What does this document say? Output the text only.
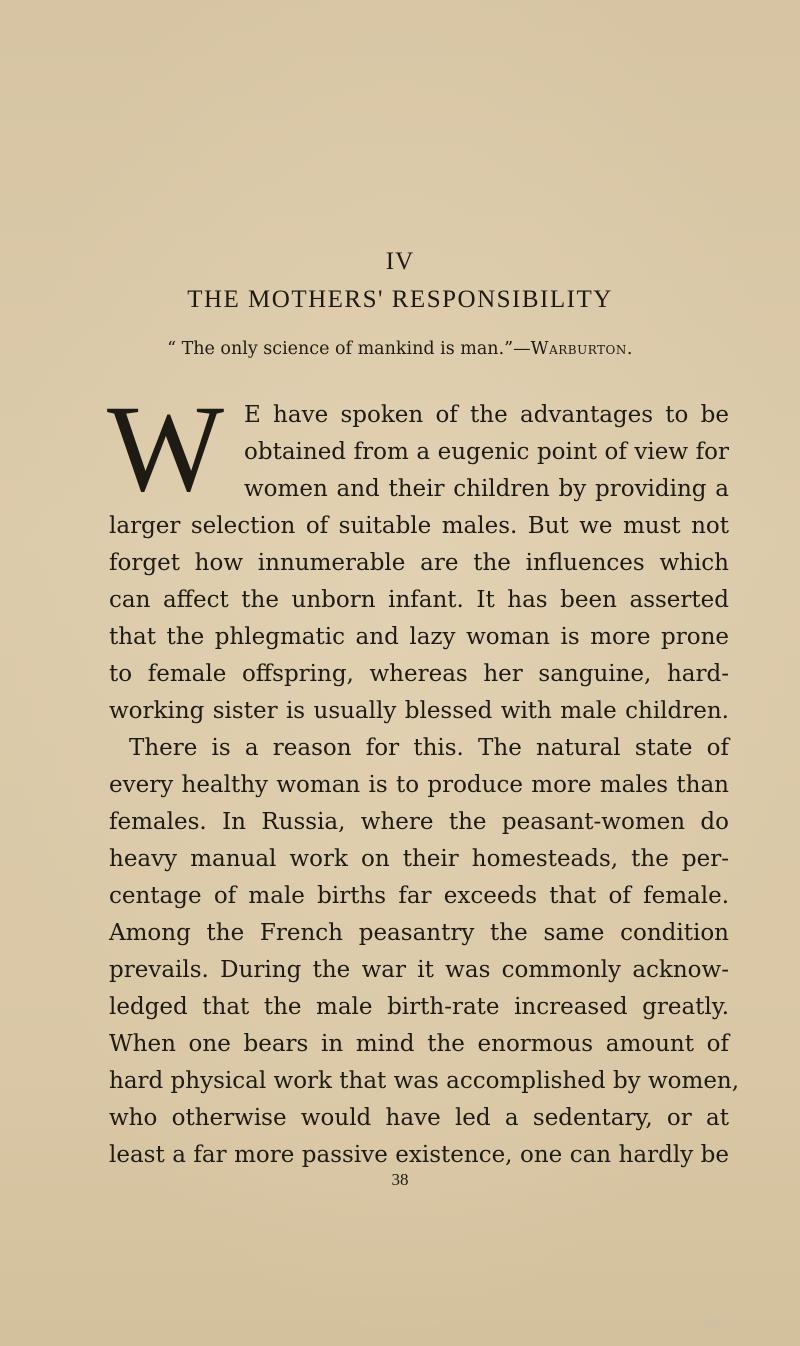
IV
THE MOTHERS' RESPONSIBILITY
“ The only science of mankind is man.”—Warburton.
W E have spoken of the advantages to be
obtained from a eugenic point of view for
women and their children by providing a
larger selection of suitable males. But we must not
forget how innumerable are the influences which
can affect the unborn infant. It has been asserted
that the phlegmatic and lazy woman is more prone
to female offspring, whereas her sanguine, hard-
working sister is usually blessed with male children.
There is a reason for this. The natural state of
every healthy woman is to produce more males than
females. In Russia, where the peasant-women do
heavy manual work on their homesteads, the per-
centage of male births far exceeds that of female.
Among the French peasantry the same condition
prevails. During the war it was commonly acknow-
ledged that the male birth-rate increased greatly.
When one bears in mind the enormous amount of
hard physical work that was accomplished by women,
who otherwise would have led a sedentary, or at
least a far more passive existence, one can hardly be
38
